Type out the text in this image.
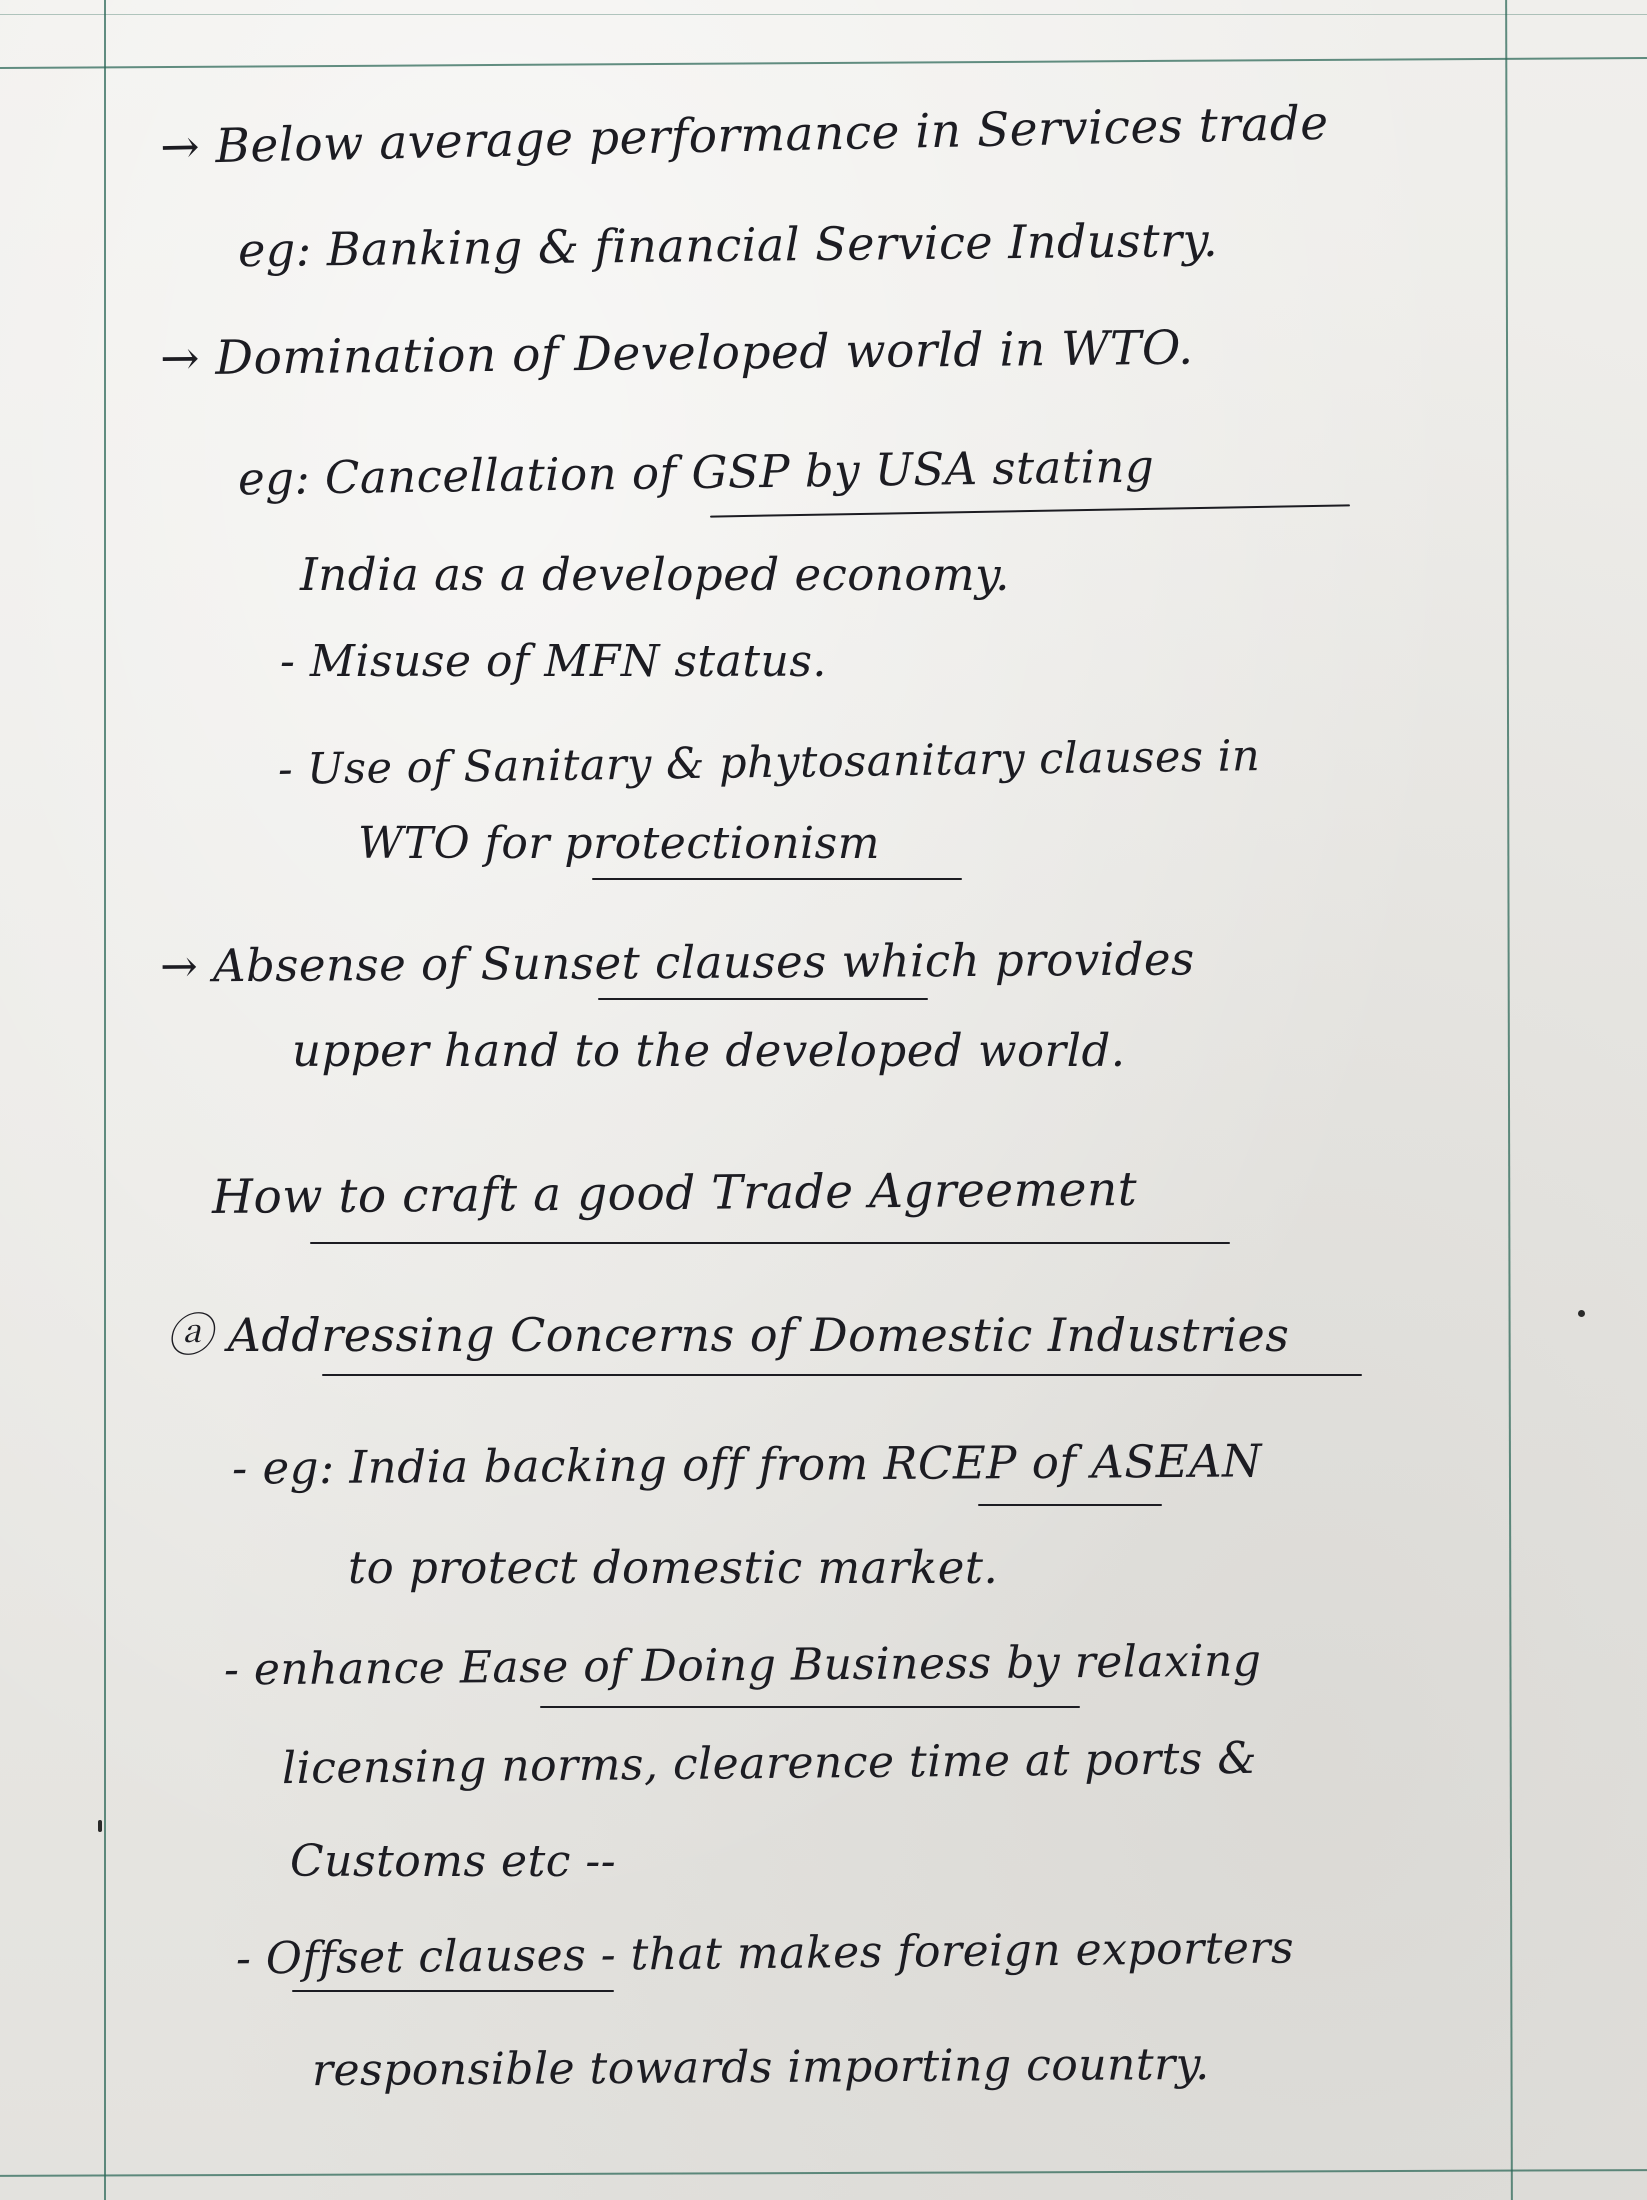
→ Below average performance in Services trade
eg: Banking & financial Service Industry.
→ Domination of Developed world in WTO.
eg: Cancellation of GSP by USA stating
India as a developed economy.
- Misuse of MFN status.
- Use of Sanitary & phytosanitary clauses in
WTO for protectionism
→ Absense of Sunset clauses which provides
upper hand to the developed world.
How to craft a good Trade Agreement
ⓐ Addressing Concerns of Domestic Industries
- eg: India backing off from RCEP of ASEAN
to protect domestic market.
- enhance Ease of Doing Business by relaxing
licensing norms, clearence time at ports &
Customs etc --
- Offset clauses - that makes foreign exporters
responsible towards importing country.
